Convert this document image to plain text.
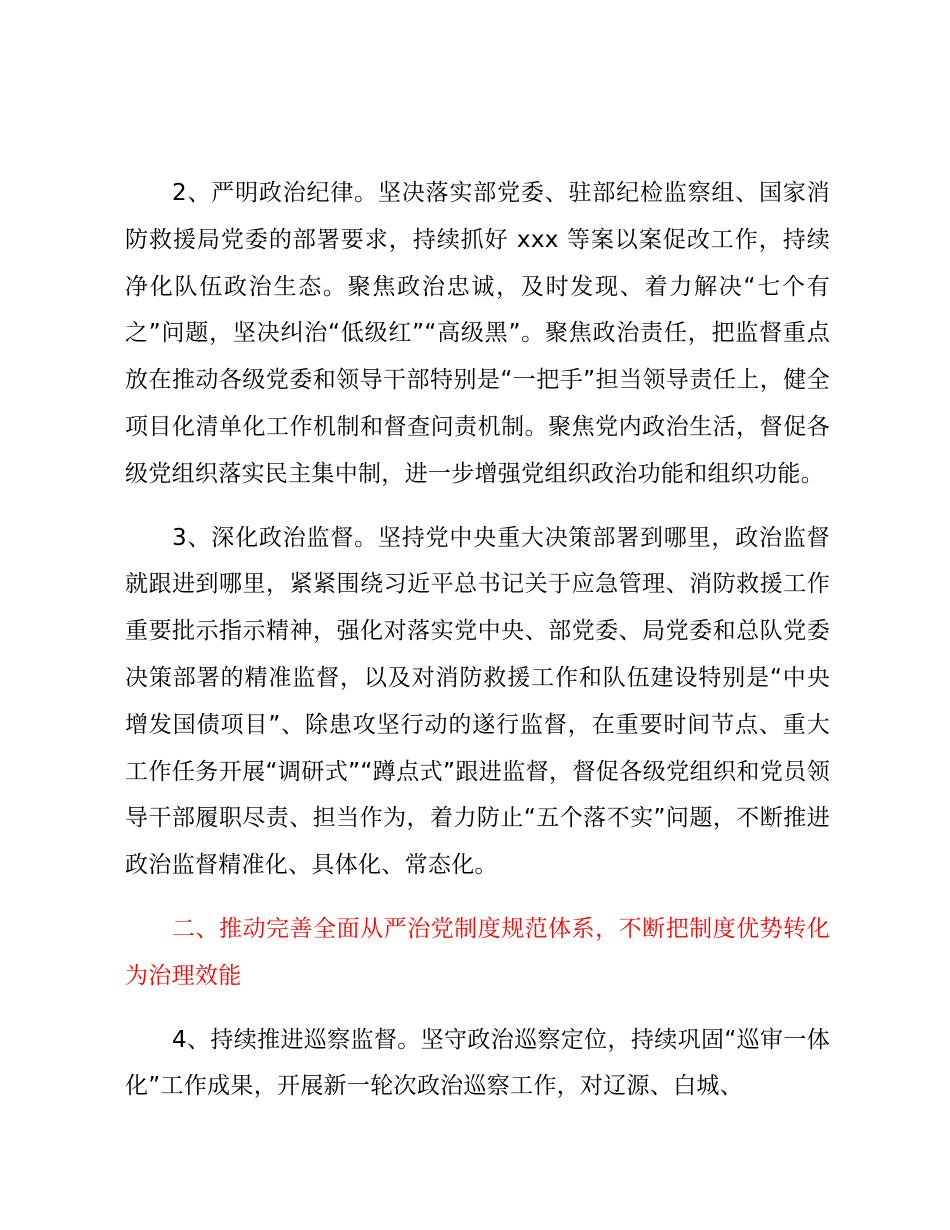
2、严明政治纪律。坚决落实部党委、驻部纪检监察组、国家消防救援局党委的部署要求，持续抓好 xxx 等案以案促改工作，持续净化队伍政治生态。聚焦政治忠诚，及时发现、着力解决“七个有之”问题，坚决纠治“低级红”“高级黑”。聚焦政治责任，把监督重点放在推动各级党委和领导干部特别是“一把手”担当领导责任上，健全项目化清单化工作机制和督查问责机制。聚焦党内政治生活，督促各级党组织落实民主集中制，进一步增强党组织政治功能和组织功能。

3、深化政治监督。坚持党中央重大决策部署到哪里，政治监督就跟进到哪里，紧紧围绕习近平总书记关于应急管理、消防救援工作重要批示指示精神，强化对落实党中央、部党委、局党委和总队党委决策部署的精准监督，以及对消防救援工作和队伍建设特别是“中央增发国债项目”、除患攻坚行动的遂行监督，在重要时间节点、重大工作任务开展“调研式”“蹲点式”跟进监督，督促各级党组织和党员领导干部履职尽责、担当作为，着力防止“五个落不实”问题，不断推进政治监督精准化、具体化、常态化。

二、推动完善全面从严治党制度规范体系，不断把制度优势转化为治理效能

4、持续推进巡察监督。坚守政治巡察定位，持续巩固“巡审一体化”工作成果，开展新一轮次政治巡察工作，对辽源、白城、
